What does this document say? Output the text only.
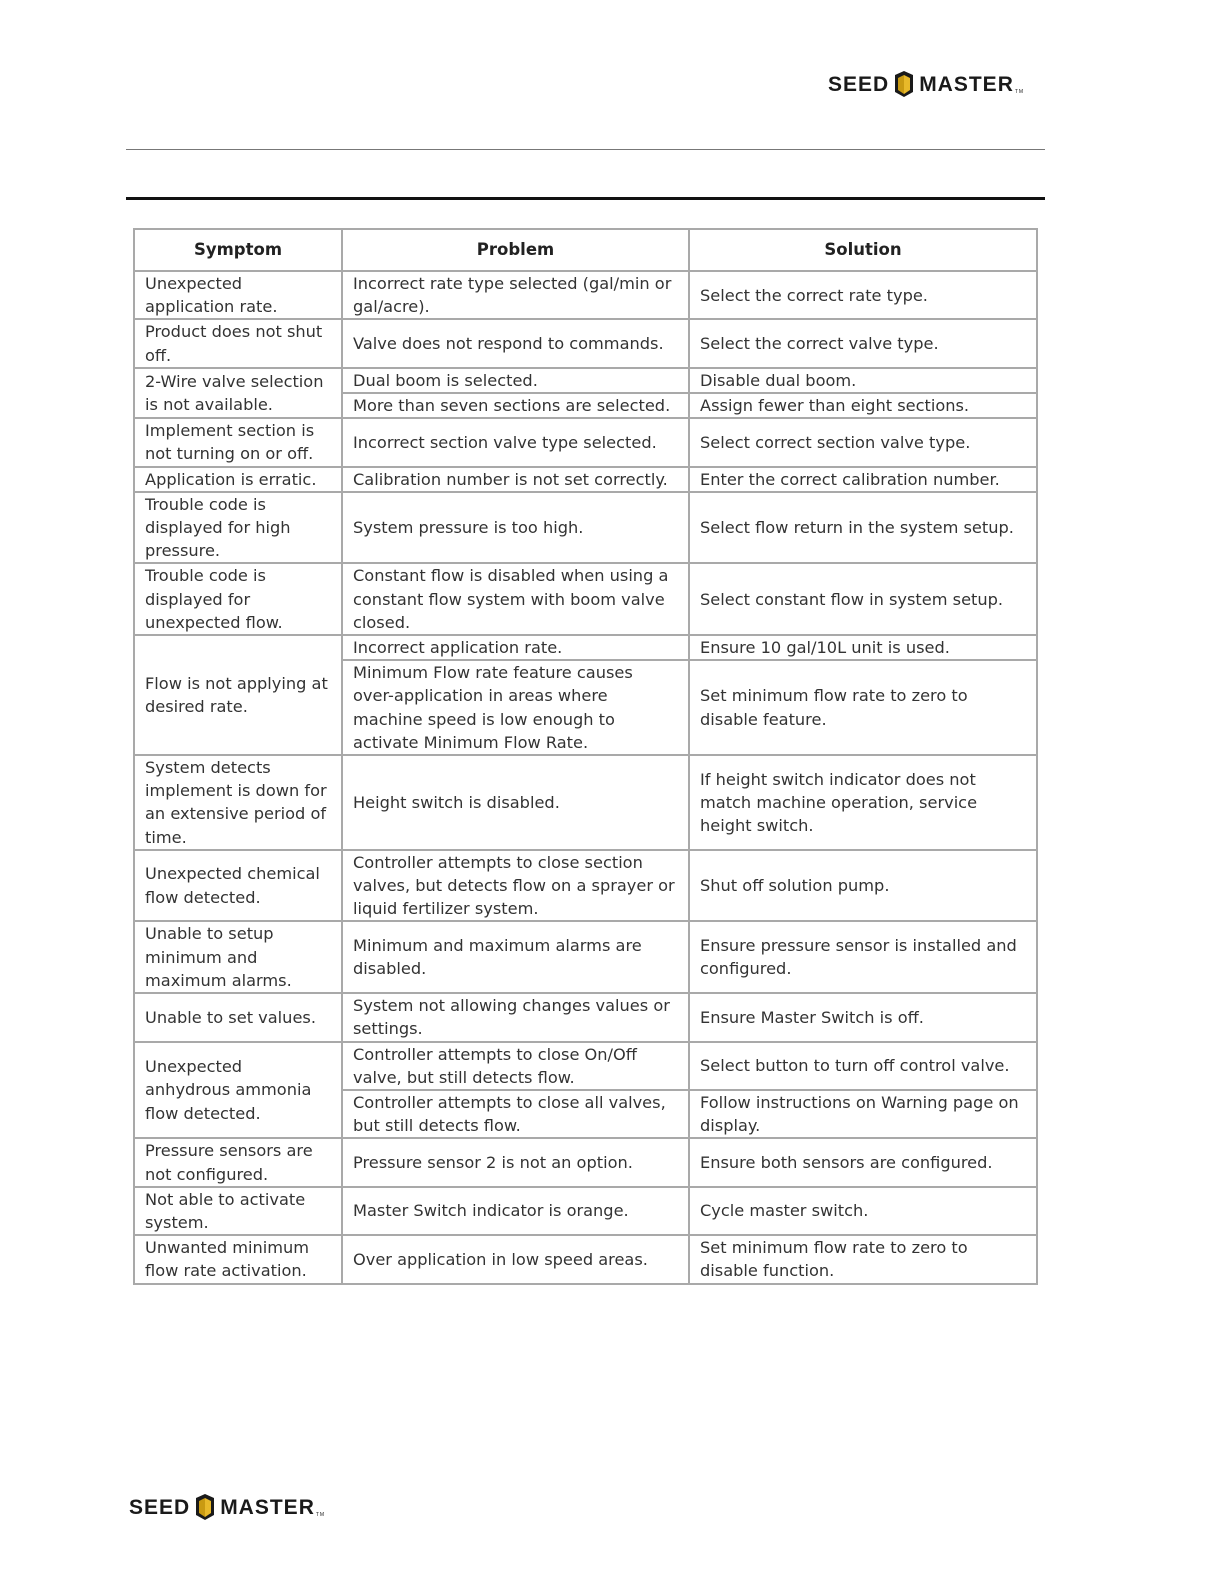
SEED MASTER TM
Symptom	Problem	Solution
Unexpected application rate.	Incorrect rate type selected (gal/min or gal/acre).	Select the correct rate type.
Product does not shut off.	Valve does not respond to commands.	Select the correct valve type.
2-Wire valve selection is not available.	Dual boom is selected.	Disable dual boom.
	More than seven sections are selected.	Assign fewer than eight sections.
Implement section is not turning on or off.	Incorrect section valve type selected.	Select correct section valve type.
Application is erratic.	Calibration number is not set correctly.	Enter the correct calibration number.
Trouble code is displayed for high pressure.	System pressure is too high.	Select flow return in the system setup.
Trouble code is displayed for unexpected flow.	Constant flow is disabled when using a constant flow system with boom valve closed.	Select constant flow in system setup.
Flow is not applying at desired rate.	Incorrect application rate.	Ensure 10 gal/10L unit is used.
	Minimum Flow rate feature causes over-application in areas where machine speed is low enough to activate Minimum Flow Rate.	Set minimum flow rate to zero to disable feature.
System detects implement is down for an extensive period of time.	Height switch is disabled.	If height switch indicator does not match machine operation, service height switch.
Unexpected chemical flow detected.	Controller attempts to close section valves, but detects flow on a sprayer or liquid fertilizer system.	Shut off solution pump.
Unable to setup minimum and maximum alarms.	Minimum and maximum alarms are disabled.	Ensure pressure sensor is installed and configured.
Unable to set values.	System not allowing changes values or settings.	Ensure Master Switch is off.
Unexpected anhydrous ammonia flow detected.	Controller attempts to close On/Off valve, but still detects flow.	Select button to turn off control valve.
	Controller attempts to close all valves, but still detects flow.	Follow instructions on Warning page on display.
Pressure sensors are not configured.	Pressure sensor 2 is not an option.	Ensure both sensors are configured.
Not able to activate system.	Master Switch indicator is orange.	Cycle master switch.
Unwanted minimum flow rate activation.	Over application in low speed areas.	Set minimum flow rate to zero to disable function.
SEED MASTER TM
